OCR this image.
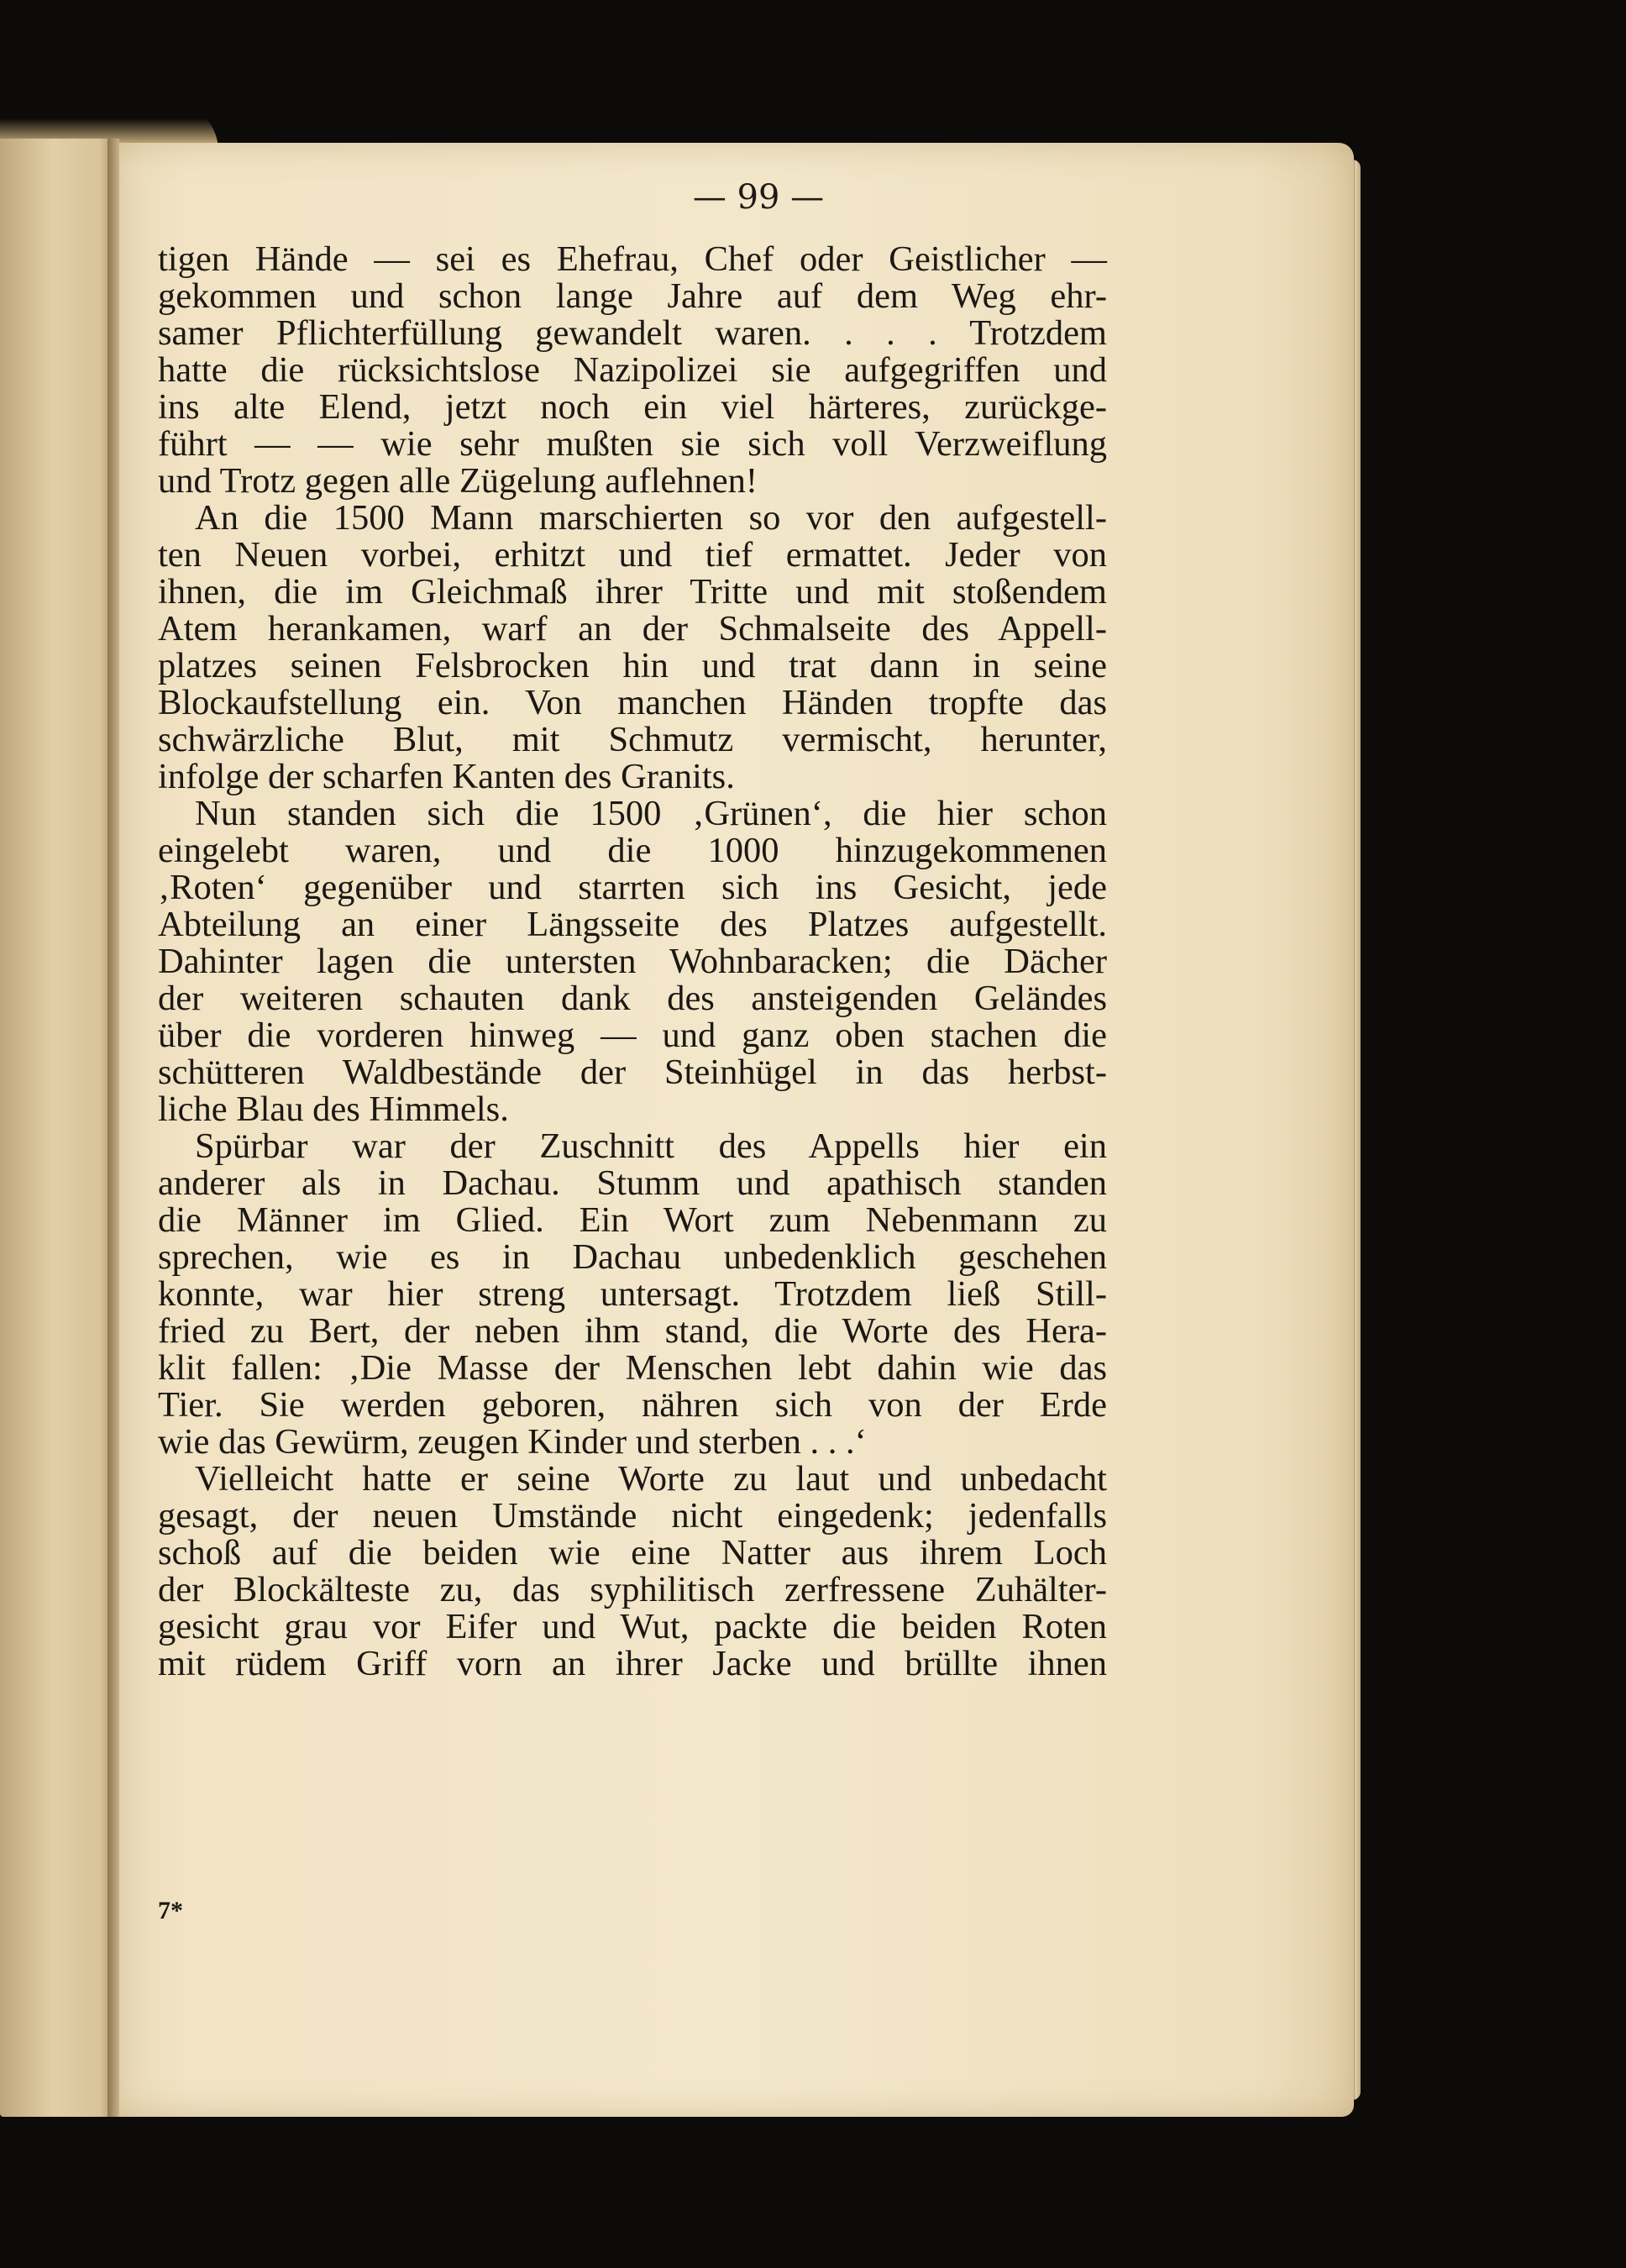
— 99 —

tigen Hände — sei es Ehefrau, Chef oder Geistlicher —
gekommen und schon lange Jahre auf dem Weg ehr-
samer Pflichterfüllung gewandelt waren. . . . Trotzdem
hatte die rücksichtslose Nazipolizei sie aufgegriffen und
ins alte Elend, jetzt noch ein viel härteres, zurückge-
führt — — wie sehr mußten sie sich voll Verzweiflung
und Trotz gegen alle Zügelung auflehnen!

An die 1500 Mann marschierten so vor den aufgestell-
ten Neuen vorbei, erhitzt und tief ermattet. Jeder von
ihnen, die im Gleichmaß ihrer Tritte und mit stoßendem
Atem herankamen, warf an der Schmalseite des Appell-
platzes seinen Felsbrocken hin und trat dann in seine
Blockaufstellung ein. Von manchen Händen tropfte das
schwärzliche Blut, mit Schmutz vermischt, herunter,
infolge der scharfen Kanten des Granits.

Nun standen sich die 1500 ‚Grünen‘, die hier schon
eingelebt waren, und die 1000 hinzugekommenen
‚Roten‘ gegenüber und starrten sich ins Gesicht, jede
Abteilung an einer Längsseite des Platzes aufgestellt.
Dahinter lagen die untersten Wohnbaracken; die Dächer
der weiteren schauten dank des ansteigenden Geländes
über die vorderen hinweg — und ganz oben stachen die
schütteren Waldbestände der Steinhügel in das herbst-
liche Blau des Himmels.

Spürbar war der Zuschnitt des Appells hier ein
anderer als in Dachau. Stumm und apathisch standen
die Männer im Glied. Ein Wort zum Nebenmann zu
sprechen, wie es in Dachau unbedenklich geschehen
konnte, war hier streng untersagt. Trotzdem ließ Still-
fried zu Bert, der neben ihm stand, die Worte des Hera-
klit fallen: ‚Die Masse der Menschen lebt dahin wie das
Tier. Sie werden geboren, nähren sich von der Erde
wie das Gewürm, zeugen Kinder und sterben . . .‘

Vielleicht hatte er seine Worte zu laut und unbedacht
gesagt, der neuen Umstände nicht eingedenk; jedenfalls
schoß auf die beiden wie eine Natter aus ihrem Loch
der Blockälteste zu, das syphilitisch zerfressene Zuhälter-
gesicht grau vor Eifer und Wut, packte die beiden Roten
mit rüdem Griff vorn an ihrer Jacke und brüllte ihnen

7*
